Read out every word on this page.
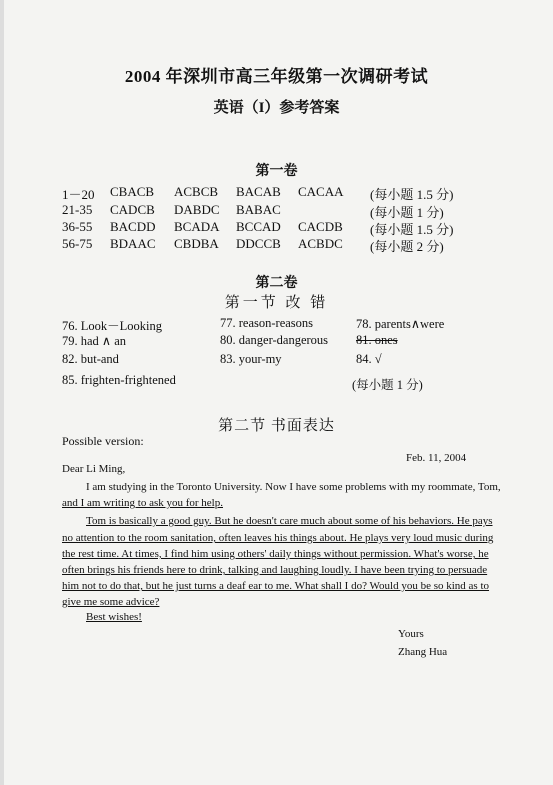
2004 年深圳市高三年级第一次调研考试
英语（I）参考答案
第一卷
1－20 CBACB ACBCB BACAB CACAA (每小题 1.5 分)
21-35 CADCB DABDC BABAC	(每小题 1 分)
36-55 BACDD BCADA BCCAD CACDB (每小题 1.5 分)
56-75 BDAAC CBDBA DDCCB ACBDC (每小题 2 分)
第二卷
第一节 改 错
76. Look－Looking	77. reason-reasons	78. parents∧were
79. had ∧ an	80. danger-dangerous 81. ones
82. but-and	83. your-my	84. √
85. frighten-frightened	(每小题 1 分)
第二节 书面表达
Possible version:
Feb. 11, 2004
Dear Li Ming,
I am studying in the Toronto University. Now I have some problems with my roommate, Tom,
and I am writing to ask you for help.
Tom is basically a good guy. But he doesn't care much about some of his behaviors. He pays
no attention to the room sanitation, often leaves his things about. He plays very loud music during
the rest time. At times, I find him using others' daily things without permission. What's worse, he
often brings his friends here to drink, talking and laughing loudly. I have been trying to persuade
him not to do that, but he just turns a deaf ear to me. What shall I do? Would you be so kind as to
give me some advice?
Best wishes!
Yours
Zhang Hua
